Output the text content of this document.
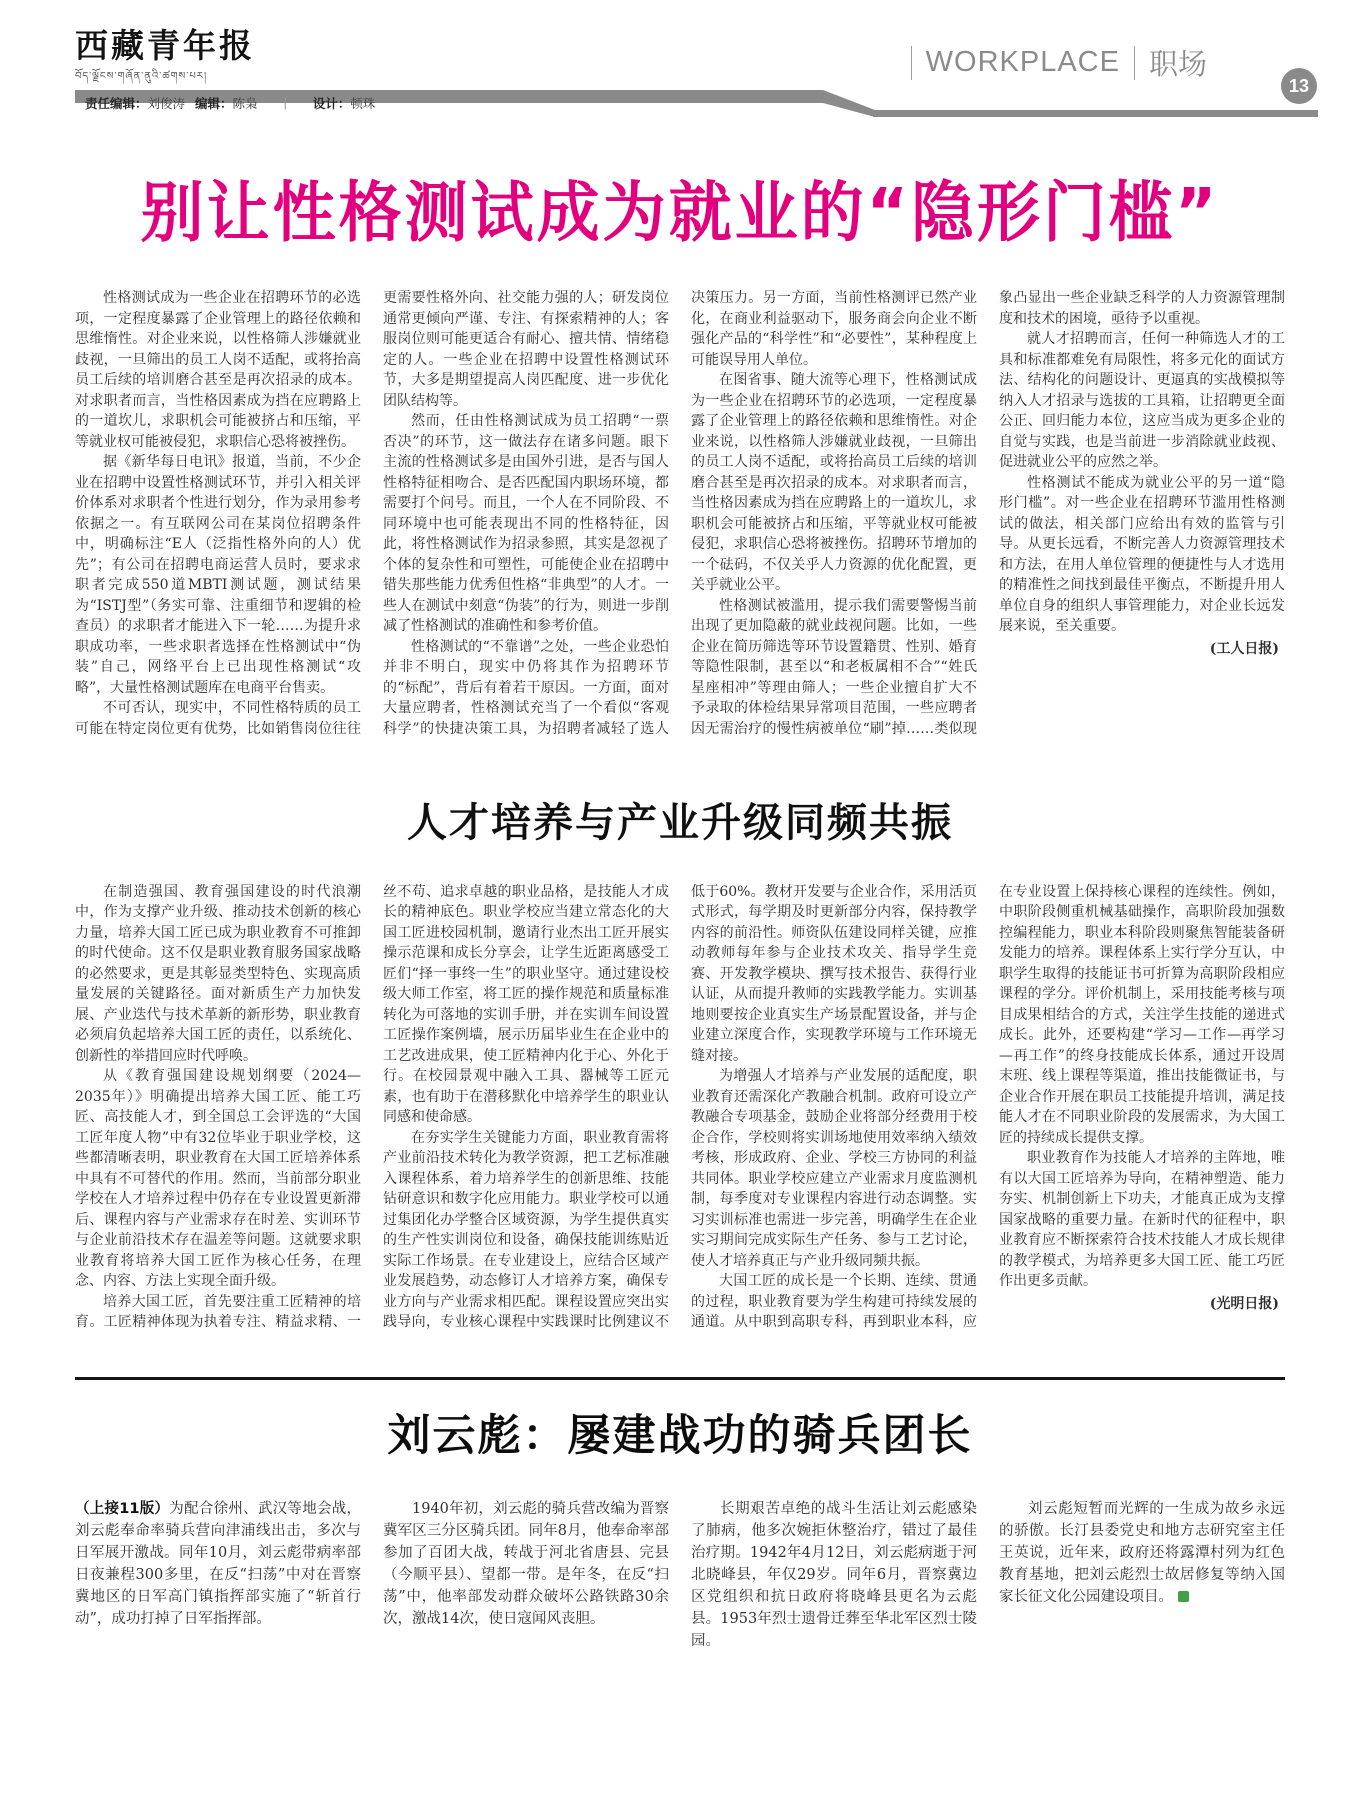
西藏青年报
བོད་ལྗོངས་གཞོན་ནུའི་ཚགས་པར།	WORKPLACE 职场
13
责任编辑：刘俊涛 编辑：陈枭 | 设计：顿珠
别让性格测试成为就业的“隐形门槛”

性格测试成为一些企业在招聘环节的必选项，一定程度暴露了企业管理上的路径依赖和思维惰性。对企业来说，以性格筛人涉嫌就业歧视，一旦筛出的员工人岗不适配，或将抬高员工后续的培训磨合甚至是再次招录的成本。对求职者而言，当性格因素成为挡在应聘路上的一道坎儿，求职机会可能被挤占和压缩，平等就业权可能被侵犯，求职信心恐将被挫伤。

据《新华每日电讯》报道，当前，不少企业在招聘中设置性格测试环节，并引入相关评价体系对求职者个性进行划分，作为录用参考依据之一。有互联网公司在某岗位招聘条件中，明确标注“E人（泛指性格外向的人）优先”；有公司在招聘电商运营人员时，要求求职者完成550道MBTI测试题，测试结果为“ISTJ型”（务实可靠、注重细节和逻辑的检查员）的求职者才能进入下一轮……为提升求职成功率，一些求职者选择在性格测试中“伪装”自己，网络平台上已出现性格测试“攻略”，大量性格测试题库在电商平台售卖。

不可否认，现实中，不同性格特质的员工可能在特定岗位更有优势，比如销售岗位往往更需要性格外向、社交能力强的人；研发岗位通常更倾向严谨、专注、有探索精神的人；客服岗位则可能更适合有耐心、擅共情、情绪稳定的人。一些企业在招聘中设置性格测试环节，大多是期望提高人岗匹配度、进一步优化团队结构等。

然而，任由性格测试成为员工招聘“一票否决”的环节，这一做法存在诸多问题。眼下主流的性格测试多是由国外引进，是否与国人性格特征相吻合、是否匹配国内职场环境，都需要打个问号。而且，一个人在不同阶段、不同环境中也可能表现出不同的性格特征，因此，将性格测试作为招录参照，其实是忽视了个体的复杂性和可塑性，可能使企业在招聘中错失那些能力优秀但性格“非典型”的人才。一些人在测试中刻意“伪装”的行为，则进一步削减了性格测试的准确性和参考价值。

性格测试的“不靠谱”之处，一些企业恐怕并非不明白，现实中仍将其作为招聘环节的“标配”，背后有着若干原因。一方面，面对大量应聘者，性格测试充当了一个看似“客观科学”的快捷决策工具，为招聘者减轻了选人决策压力。另一方面，当前性格测评已然产业化，在商业利益驱动下，服务商会向企业不断强化产品的“科学性”和“必要性”，某种程度上可能误导用人单位。

在图省事、随大流等心理下，性格测试成为一些企业在招聘环节的必选项，一定程度暴露了企业管理上的路径依赖和思维惰性。对企业来说，以性格筛人涉嫌就业歧视，一旦筛出的员工人岗不适配，或将抬高员工后续的培训磨合甚至是再次招录的成本。对求职者而言，当性格因素成为挡在应聘路上的一道坎儿，求职机会可能被挤占和压缩，平等就业权可能被侵犯，求职信心恐将被挫伤。招聘环节增加的一个砝码，不仅关乎人力资源的优化配置，更关乎就业公平。

性格测试被滥用，提示我们需要警惕当前出现了更加隐蔽的就业歧视问题。比如，一些企业在简历筛选等环节设置籍贯、性别、婚育等隐性限制，甚至以“和老板属相不合”“姓氏星座相冲”等理由筛人；一些企业擅自扩大不予录取的体检结果异常项目范围，一些应聘者因无需治疗的慢性病被单位“刷”掉……类似现象凸显出一些企业缺乏科学的人力资源管理制度和技术的困境，亟待予以重视。

就人才招聘而言，任何一种筛选人才的工具和标准都难免有局限性，将多元化的面试方法、结构化的问题设计、更逼真的实战模拟等纳入人才招录与选拔的工具箱，让招聘更全面公正、回归能力本位，这应当成为更多企业的自觉与实践，也是当前进一步消除就业歧视、促进就业公平的应然之举。

性格测试不能成为就业公平的另一道“隐形门槛”。对一些企业在招聘环节滥用性格测试的做法，相关部门应给出有效的监管与引导。从更长远看，不断完善人力资源管理技术和方法，在用人单位管理的便捷性与人才选用的精准性之间找到最佳平衡点，不断提升用人单位自身的组织人事管理能力，对企业长远发展来说，至关重要。

(工人日报)
人才培养与产业升级同频共振

在制造强国、教育强国建设的时代浪潮中，作为支撑产业升级、推动技术创新的核心力量，培养大国工匠已成为职业教育不可推卸的时代使命。这不仅是职业教育服务国家战略的必然要求，更是其彰显类型特色、实现高质量发展的关键路径。面对新质生产力加快发展、产业迭代与技术革新的新形势，职业教育必须肩负起培养大国工匠的责任，以系统化、创新性的举措回应时代呼唤。

从《教育强国建设规划纲要（2024—2035年）》明确提出培养大国工匠、能工巧匠、高技能人才，到全国总工会评选的“大国工匠年度人物”中有32位毕业于职业学校，这些都清晰表明，职业教育在大国工匠培养体系中具有不可替代的作用。然而，当前部分职业学校在人才培养过程中仍存在专业设置更新滞后、课程内容与产业需求存在时差、实训环节与企业前沿技术存在温差等问题。这就要求职业教育将培养大国工匠作为核心任务，在理念、内容、方法上实现全面升级。

培养大国工匠，首先要注重工匠精神的培育。工匠精神体现为执着专注、精益求精、一丝不苟、追求卓越的职业品格，是技能人才成长的精神底色。职业学校应当建立常态化的大国工匠进校园机制，邀请行业杰出工匠开展实操示范课和成长分享会，让学生近距离感受工匠们“择一事终一生”的职业坚守。通过建设校级大师工作室，将工匠的操作规范和质量标准转化为可落地的实训手册，并在实训车间设置工匠操作案例墙，展示历届毕业生在企业中的工艺改进成果，使工匠精神内化于心、外化于行。在校园景观中融入工具、器械等工匠元素，也有助于在潜移默化中培养学生的职业认同感和使命感。

在夯实学生关键能力方面，职业教育需将产业前沿技术转化为教学资源，把工艺标准融入课程体系，着力培养学生的创新思维、技能钻研意识和数字化应用能力。职业学校可以通过集团化办学整合区域资源，为学生提供真实的生产性实训岗位和设备，确保技能训练贴近实际工作场景。在专业建设上，应结合区域产业发展趋势，动态修订人才培养方案，确保专业方向与产业需求相匹配。课程设置应突出实践导向，专业核心课程中实践课时比例建议不低于60%。教材开发要与企业合作，采用活页式形式，每学期及时更新部分内容，保持教学内容的前沿性。师资队伍建设同样关键，应推动教师每年参与企业技术攻关、指导学生竞赛、开发教学模块、撰写技术报告、获得行业认证，从而提升教师的实践教学能力。实训基地则要按企业真实生产场景配置设备，并与企业建立深度合作，实现教学环境与工作环境无缝对接。

为增强人才培养与产业发展的适配度，职业教育还需深化产教融合机制。政府可设立产教融合专项基金，鼓励企业将部分经费用于校企合作，学校则将实训场地使用效率纳入绩效考核，形成政府、企业、学校三方协同的利益共同体。职业学校应建立产业需求月度监测机制，每季度对专业课程内容进行动态调整。实习实训标准也需进一步完善，明确学生在企业实习期间完成实际生产任务、参与工艺讨论，使人才培养真正与产业升级同频共振。

大国工匠的成长是一个长期、连续、贯通的过程，职业教育要为学生构建可持续发展的通道。从中职到高职专科，再到职业本科，应在专业设置上保持核心课程的连续性。例如，中职阶段侧重机械基础操作，高职阶段加强数控编程能力，职业本科阶段则聚焦智能装备研发能力的培养。课程体系上实行学分互认，中职学生取得的技能证书可折算为高职阶段相应课程的学分。评价机制上，采用技能考核与项目成果相结合的方式，关注学生技能的递进式成长。此外，还要构建“学习—工作—再学习—再工作”的终身技能成长体系，通过开设周末班、线上课程等渠道，推出技能微证书，与企业合作开展在职员工技能提升培训，满足技能人才在不同职业阶段的发展需求，为大国工匠的持续成长提供支撑。

职业教育作为技能人才培养的主阵地，唯有以大国工匠培养为导向，在精神塑造、能力夯实、机制创新上下功夫，才能真正成为支撑国家战略的重要力量。在新时代的征程中，职业教育应不断探索符合技术技能人才成长规律的教学模式，为培养更多大国工匠、能工巧匠作出更多贡献。

(光明日报)
刘云彪：屡建战功的骑兵团长

（上接11版）为配合徐州、武汉等地会战，刘云彪奉命率骑兵营向津浦线出击，多次与日军展开激战。同年10月，刘云彪带病率部日夜兼程300多里，在反“扫荡”中对在晋察冀地区的日军高门镇指挥部实施了“斩首行动”，成功打掉了日军指挥部。

1940年初，刘云彪的骑兵营改编为晋察冀军区三分区骑兵团。同年8月，他奉命率部参加了百团大战，转战于河北省唐县、完县（今顺平县）、望都一带。是年冬，在反“扫荡”中，他率部发动群众破坏公路铁路30余次，激战14次，使日寇闻风丧胆。

长期艰苦卓绝的战斗生活让刘云彪感染了肺病，他多次婉拒休整治疗，错过了最佳治疗期。1942年4月12日，刘云彪病逝于河北晓峰县，年仅29岁。同年6月，晋察冀边区党组织和抗日政府将晓峰县更名为云彪县。1953年烈士遗骨迁葬至华北军区烈士陵园。

刘云彪短暂而光辉的一生成为故乡永远的骄傲。长汀县委党史和地方志研究室主任王英说，近年来，政府还将露潭村列为红色教育基地，把刘云彪烈士故居修复等纳入国家长征文化公园建设项目。
